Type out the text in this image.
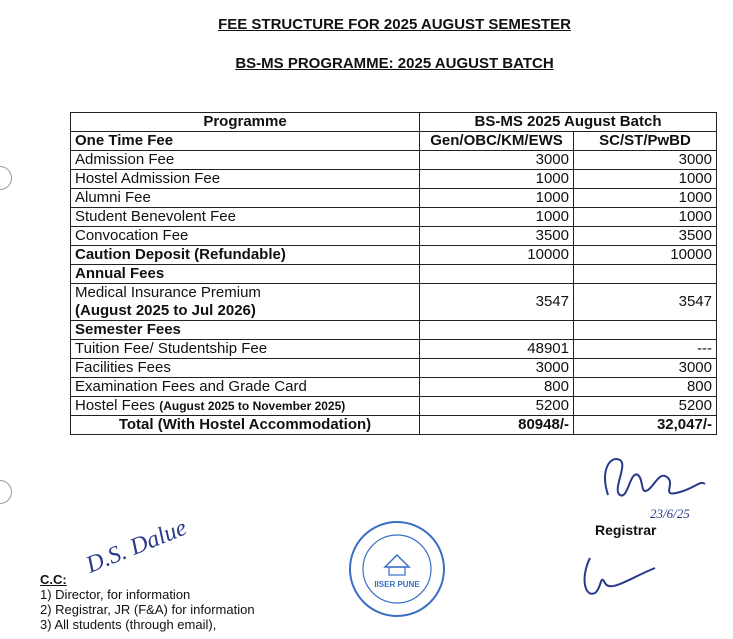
FEE STRUCTURE FOR 2025 AUGUST SEMESTER
BS-MS PROGRAMME: 2025 AUGUST BATCH
Programme	BS-MS 2025 August Batch	
One Time Fee	Gen/OBC/KM/EWS	SC/ST/PwBD
Admission Fee	3000	3000
Hostel Admission Fee	1000	1000
Alumni Fee	1000	1000
Student Benevolent Fee	1000	1000
Convocation Fee	3500	3500
Caution Deposit (Refundable)	10000	10000
Annual Fees		

Medical Insurance Premium
(August 2025 to Jul 2026)	3547	3547
Semester Fees		
Tuition Fee/ Studentship Fee	48901	---
Facilities Fees	3000	3000
Examination Fees and Grade Card	800	800
Hostel Fees (August 2025 to November 2025)	5200	5200
Total (With Hostel Accommodation)	80948/-	32,047/-
23/6/25
Registrar
D.S. Dalue
IISER PUNE
C.C:
1) Director, for information
2) Registrar, JR (F&A) for information
3) All students (through email),
